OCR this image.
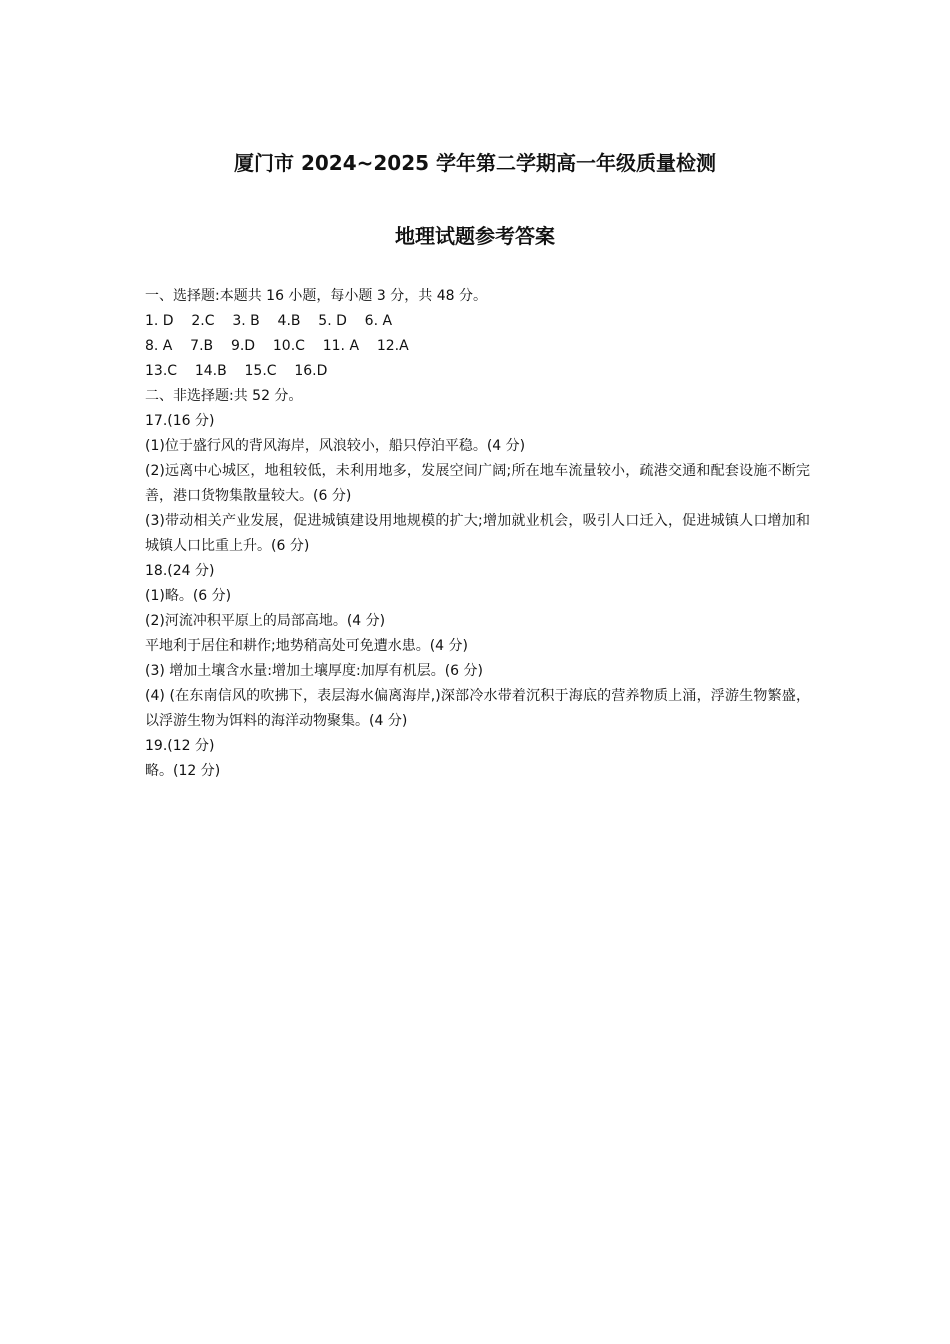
厦门市 2024~2025 学年第二学期高一年级质量检测
地理试题参考答案
一、选择题:本题共 16 小题，每小题 3 分，共 48 分。
1. D    2.C    3. B    4.B    5. D    6. A
8. A    7.B    9.D    10.C    11. A    12.A
13.C    14.B    15.C    16.D
二、非选择题:共 52 分。
17.(16 分)
(1)位于盛行风的背风海岸，风浪较小，船只停泊平稳。(4 分)
(2)远离中心城区，地租较低，未利用地多，发展空间广阔;所在地车流量较小，疏港交通和配套设施不断完善，港口货物集散量较大。(6 分)
(3)带动相关产业发展，促进城镇建设用地规模的扩大;增加就业机会，吸引人口迁入，促进城镇人口增加和城镇人口比重上升。(6 分)
18.(24 分)
(1)略。(6 分)
(2)河流冲积平原上的局部高地。(4 分)
平地利于居住和耕作;地势稍高处可免遭水患。(4 分)
(3) 增加土壤含水量:增加土壤厚度:加厚有机层。(6 分)
(4) (在东南信风的吹拂下，表层海水偏离海岸,)深部冷水带着沉积于海底的营养物质上涌，浮游生物繁盛，以浮游生物为饵料的海洋动物聚集。(4 分)
19.(12 分)
略。(12 分)
